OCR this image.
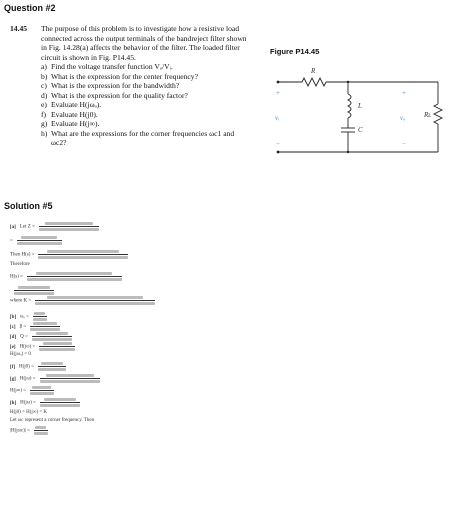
Question #2
14.45 The purpose of this problem is to investigate how a resistive load connected across the output terminals of the bandreject filter shown in Fig. 14.28(a) affects the behavior of the filter. The loaded filter circuit is shown in Fig. P14.45.
a) Find the voltage transfer function Vₒ/Vᵢ.
b) What is the expression for the center frequency?
c) What is the expression for the bandwidth?
d) What is the expression for the quality factor?
e) Evaluate H(jωₒ).
f) Evaluate H(j0).
g) Evaluate H(j∞).
h) What are the expressions for the corner frequencies ωc1 and ωc2?
Figure P14.45
R
L
C
+
vᵢ
−
+
vₒ
−
Rʟ
Solution #5
[a] Let Z =
=
Then H(s) =
Therefore
H(s) =
where K =
[b] ωₒ =
[c] β =
[d] Q =
[e] H(jω) =
H(jωₒ) = 0
[f] H(j0) =
[g] H(jω) =
H(j∞) =
[h] H(jω) =
H(j0) = H(j∞) = K
Let ωc represent a corner frequency. Then
|H(jωc)| =
